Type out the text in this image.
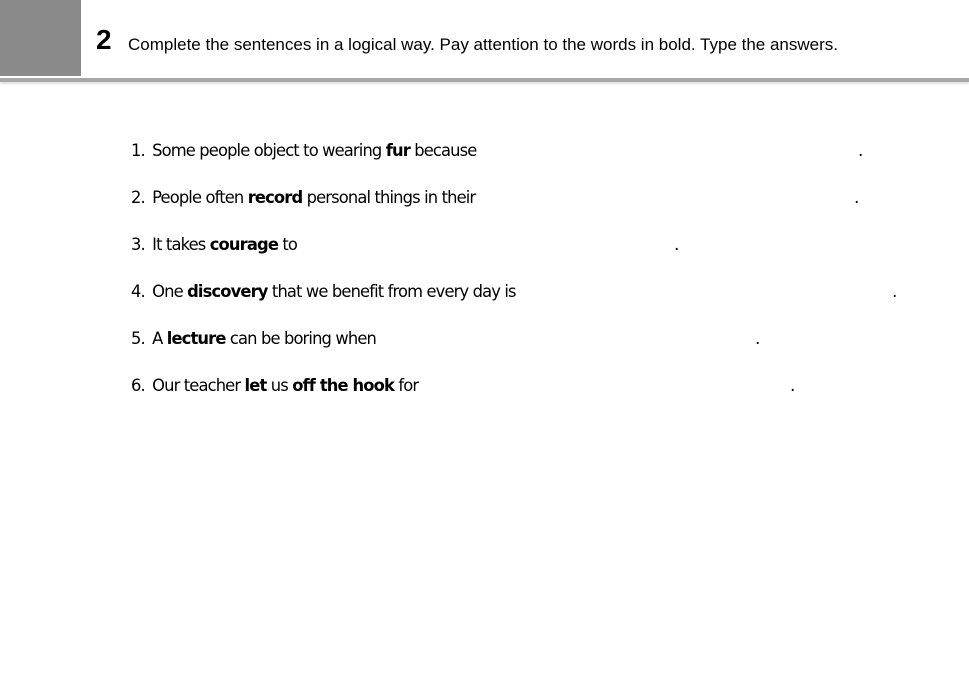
2 Complete the sentences in a logical way. Pay attention to the words in bold. Type the answers.
1. Some people object to wearing fur because	.
2. People often record personal things in their	.
3. It takes courage to	.
4. One discovery that we benefit from every day is	.
5. A lecture can be boring when	.
6. Our teacher let us off the hook for	.
